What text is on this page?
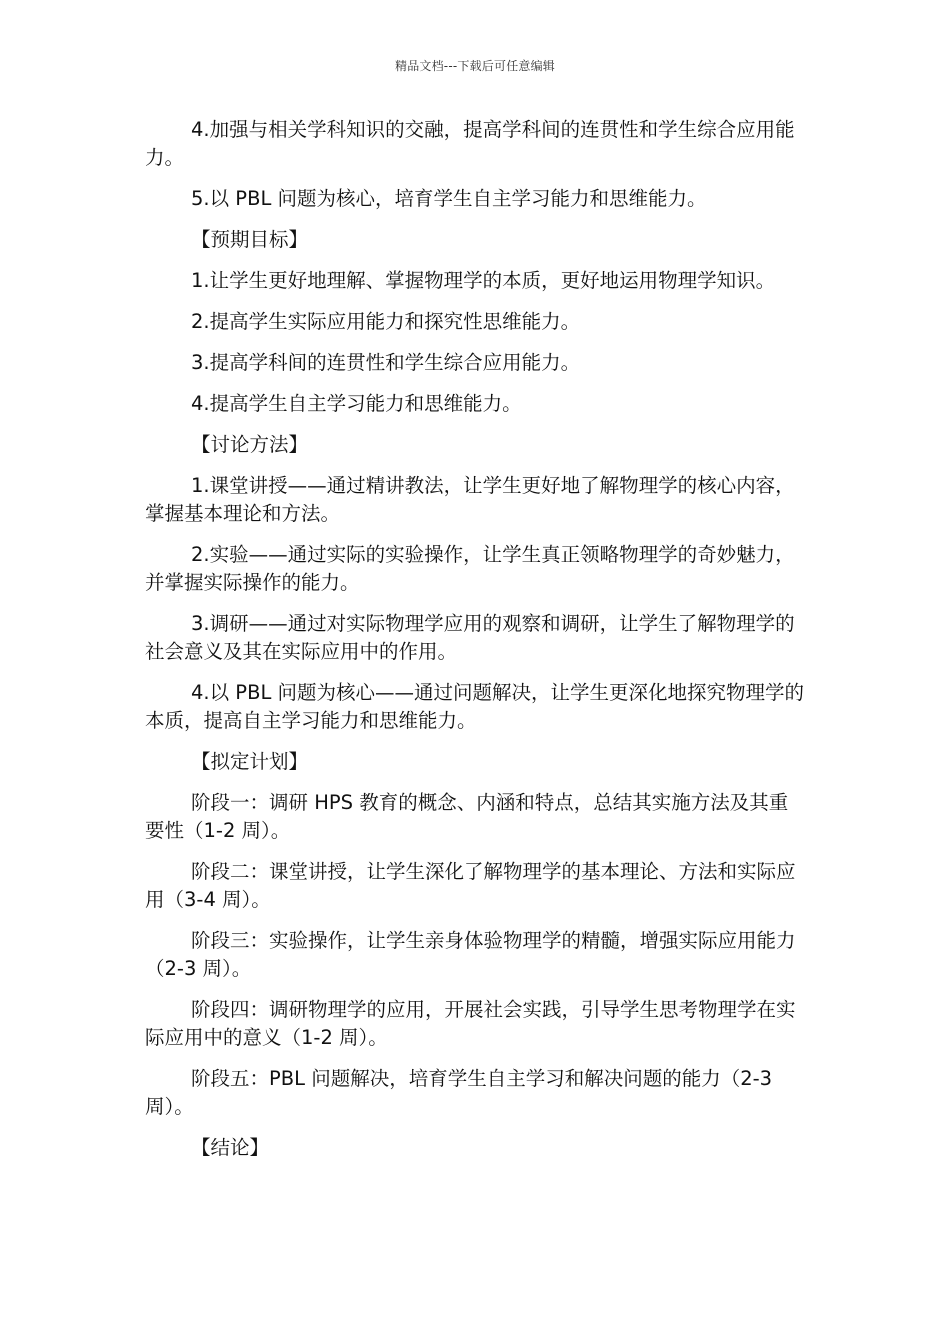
精品文档---下载后可任意编辑

4.加强与相关学科知识的交融，提高学科间的连贯性和学生综合应用能力。

5.以 PBL 问题为核心，培育学生自主学习能力和思维能力。

【预期目标】

1.让学生更好地理解、掌握物理学的本质，更好地运用物理学知识。

2.提高学生实际应用能力和探究性思维能力。

3.提高学科间的连贯性和学生综合应用能力。

4.提高学生自主学习能力和思维能力。

【讨论方法】

1.课堂讲授——通过精讲教法，让学生更好地了解物理学的核心内容，掌握基本理论和方法。

2.实验——通过实际的实验操作，让学生真正领略物理学的奇妙魅力，并掌握实际操作的能力。

3.调研——通过对实际物理学应用的观察和调研，让学生了解物理学的社会意义及其在实际应用中的作用。

4.以 PBL 问题为核心——通过问题解决，让学生更深化地探究物理学的本质，提高自主学习能力和思维能力。

【拟定计划】

阶段一：调研 HPS 教育的概念、内涵和特点，总结其实施方法及其重要性（1-2 周）。

阶段二：课堂讲授，让学生深化了解物理学的基本理论、方法和实际应用（3-4 周）。

阶段三：实验操作，让学生亲身体验物理学的精髓，增强实际应用能力（2-3 周）。

阶段四：调研物理学的应用，开展社会实践，引导学生思考物理学在实际应用中的意义（1-2 周）。

阶段五：PBL 问题解决，培育学生自主学习和解决问题的能力（2-3 周）。

【结论】
